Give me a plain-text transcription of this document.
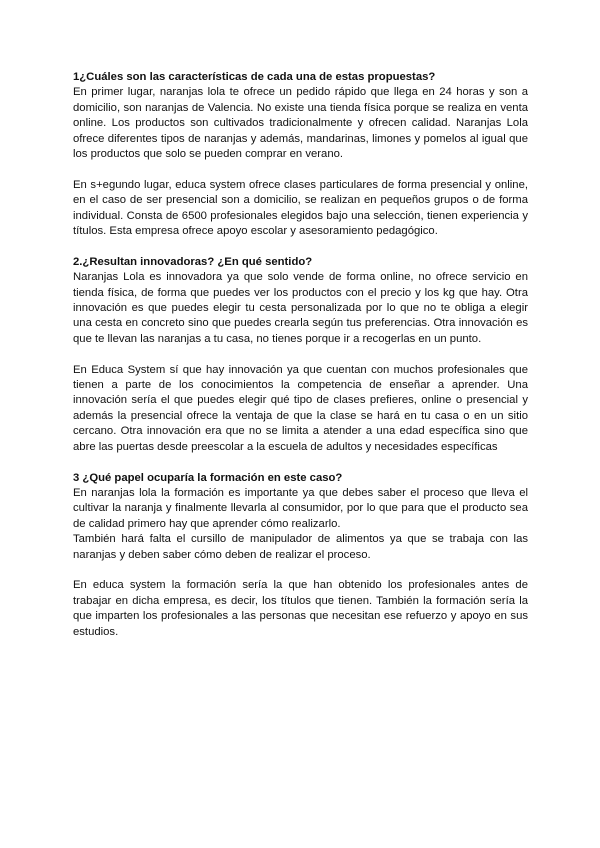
1¿Cuáles son las características de cada una de estas propuestas?
En primer lugar, naranjas lola te ofrece un pedido rápido que llega en 24 horas y son a domicilio, son naranjas de Valencia. No existe una tienda física porque se realiza en venta online. Los productos son cultivados tradicionalmente y ofrecen calidad. Naranjas Lola ofrece diferentes tipos de naranjas y además, mandarinas, limones y pomelos al igual que los productos que solo se pueden comprar en verano.
En s+egundo lugar, educa system ofrece clases particulares de forma presencial y online, en el caso de ser presencial son a domicilio, se realizan en pequeños grupos o de forma individual. Consta de 6500 profesionales elegidos bajo una selección, tienen experiencia y títulos. Esta empresa ofrece apoyo escolar y asesoramiento pedagógico.
2.¿Resultan innovadoras? ¿En qué sentido?
Naranjas Lola es innovadora ya que solo vende de forma online, no ofrece servicio en tienda física, de forma que puedes ver los productos con el precio y los kg que hay. Otra innovación es que puedes elegir tu cesta personalizada por lo que no te obliga a elegir una cesta en concreto sino que puedes crearla según tus preferencias. Otra innovación es que te llevan las naranjas a tu casa, no tienes porque ir a recogerlas en un punto.
En Educa System sí que hay innovación ya que cuentan con muchos profesionales que tienen a parte de los conocimientos la competencia de enseñar a aprender. Una innovación sería el que puedes elegir qué tipo de clases prefieres, online o presencial y además la presencial ofrece la ventaja de que la clase se hará en tu casa o en un sitio cercano. Otra innovación era que no se limita a atender a una edad específica sino que abre las puertas desde preescolar a la escuela de adultos y necesidades específicas
3 ¿Qué papel ocuparía la formación en este caso?
En naranjas lola la formación es importante ya que debes saber el proceso que lleva el cultivar la naranja y finalmente llevarla al consumidor, por lo que para que el producto sea de calidad primero hay que aprender cómo realizarlo.
También hará falta el cursillo de manipulador de alimentos ya que se trabaja con las naranjas y deben saber cómo deben de realizar el proceso.
En educa system la formación sería la que han obtenido los profesionales antes de trabajar en dicha empresa, es decir, los títulos que tienen. También la formación sería la que imparten los profesionales a las personas que necesitan ese refuerzo y apoyo en sus estudios.
